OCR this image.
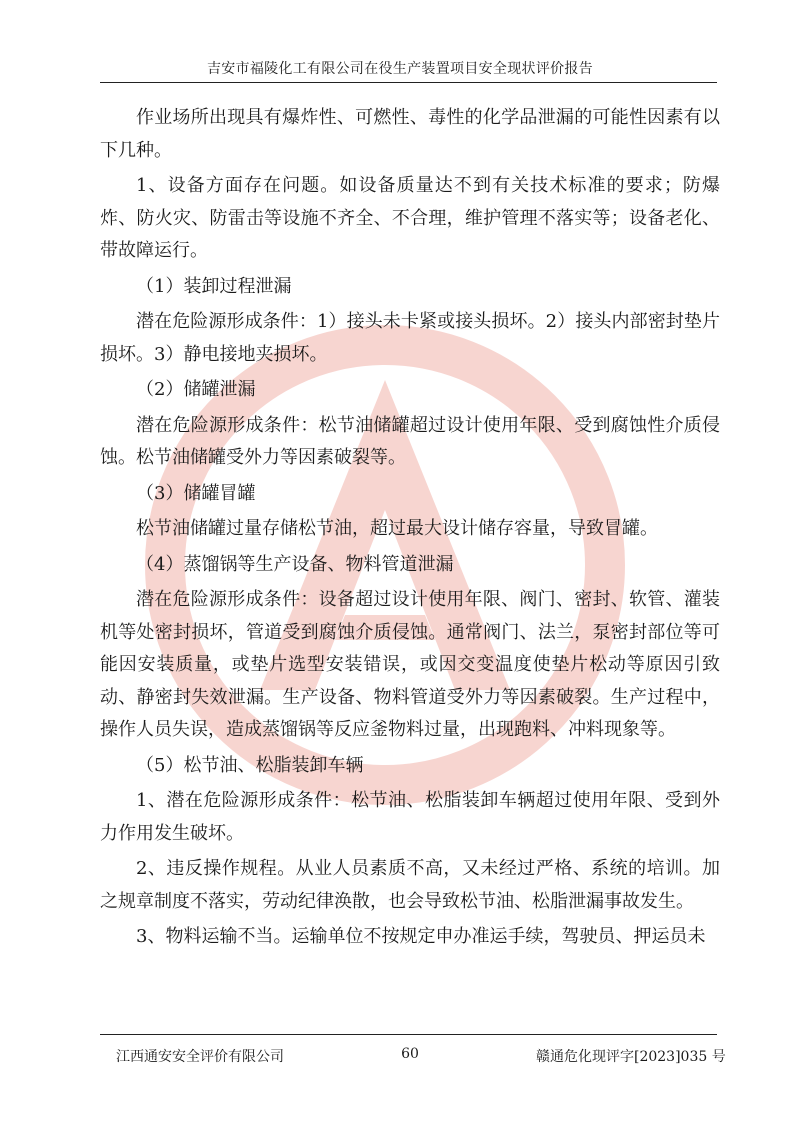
吉安市福陵化工有限公司在役生产装置项目安全现状评价报告

作业场所出现具有爆炸性、可燃性、毒性的化学品泄漏的可能性因素有以下几种。

1、设备方面存在问题。如设备质量达不到有关技术标准的要求；防爆炸、防火灾、防雷击等设施不齐全、不合理，维护管理不落实等；设备老化、带故障运行。

（1）装卸过程泄漏

潜在危险源形成条件：1）接头未卡紧或接头损坏。2）接头内部密封垫片损坏。3）静电接地夹损坏。

（2）储罐泄漏

潜在危险源形成条件：松节油储罐超过设计使用年限、受到腐蚀性介质侵蚀。松节油储罐受外力等因素破裂等。

（3）储罐冒罐

松节油储罐过量存储松节油，超过最大设计储存容量，导致冒罐。

（4）蒸馏锅等生产设备、物料管道泄漏

潜在危险源形成条件：设备超过设计使用年限、阀门、密封、软管、灌装机等处密封损坏，管道受到腐蚀介质侵蚀。通常阀门、法兰，泵密封部位等可能因安装质量，或垫片选型安装错误，或因交变温度使垫片松动等原因引致动、静密封失效泄漏。生产设备、物料管道受外力等因素破裂。生产过程中，操作人员失误，造成蒸馏锅等反应釜物料过量，出现跑料、冲料现象等。

（5）松节油、松脂装卸车辆

1、潜在危险源形成条件：松节油、松脂装卸车辆超过使用年限、受到外力作用发生破坏。

2、违反操作规程。从业人员素质不高，又未经过严格、系统的培训。加之规章制度不落实，劳动纪律涣散，也会导致松节油、松脂泄漏事故发生。

3、物料运输不当。运输单位不按规定申办准运手续，驾驶员、押运员未

江西通安安全评价有限公司	60	赣通危化现评字[2023]035 号
